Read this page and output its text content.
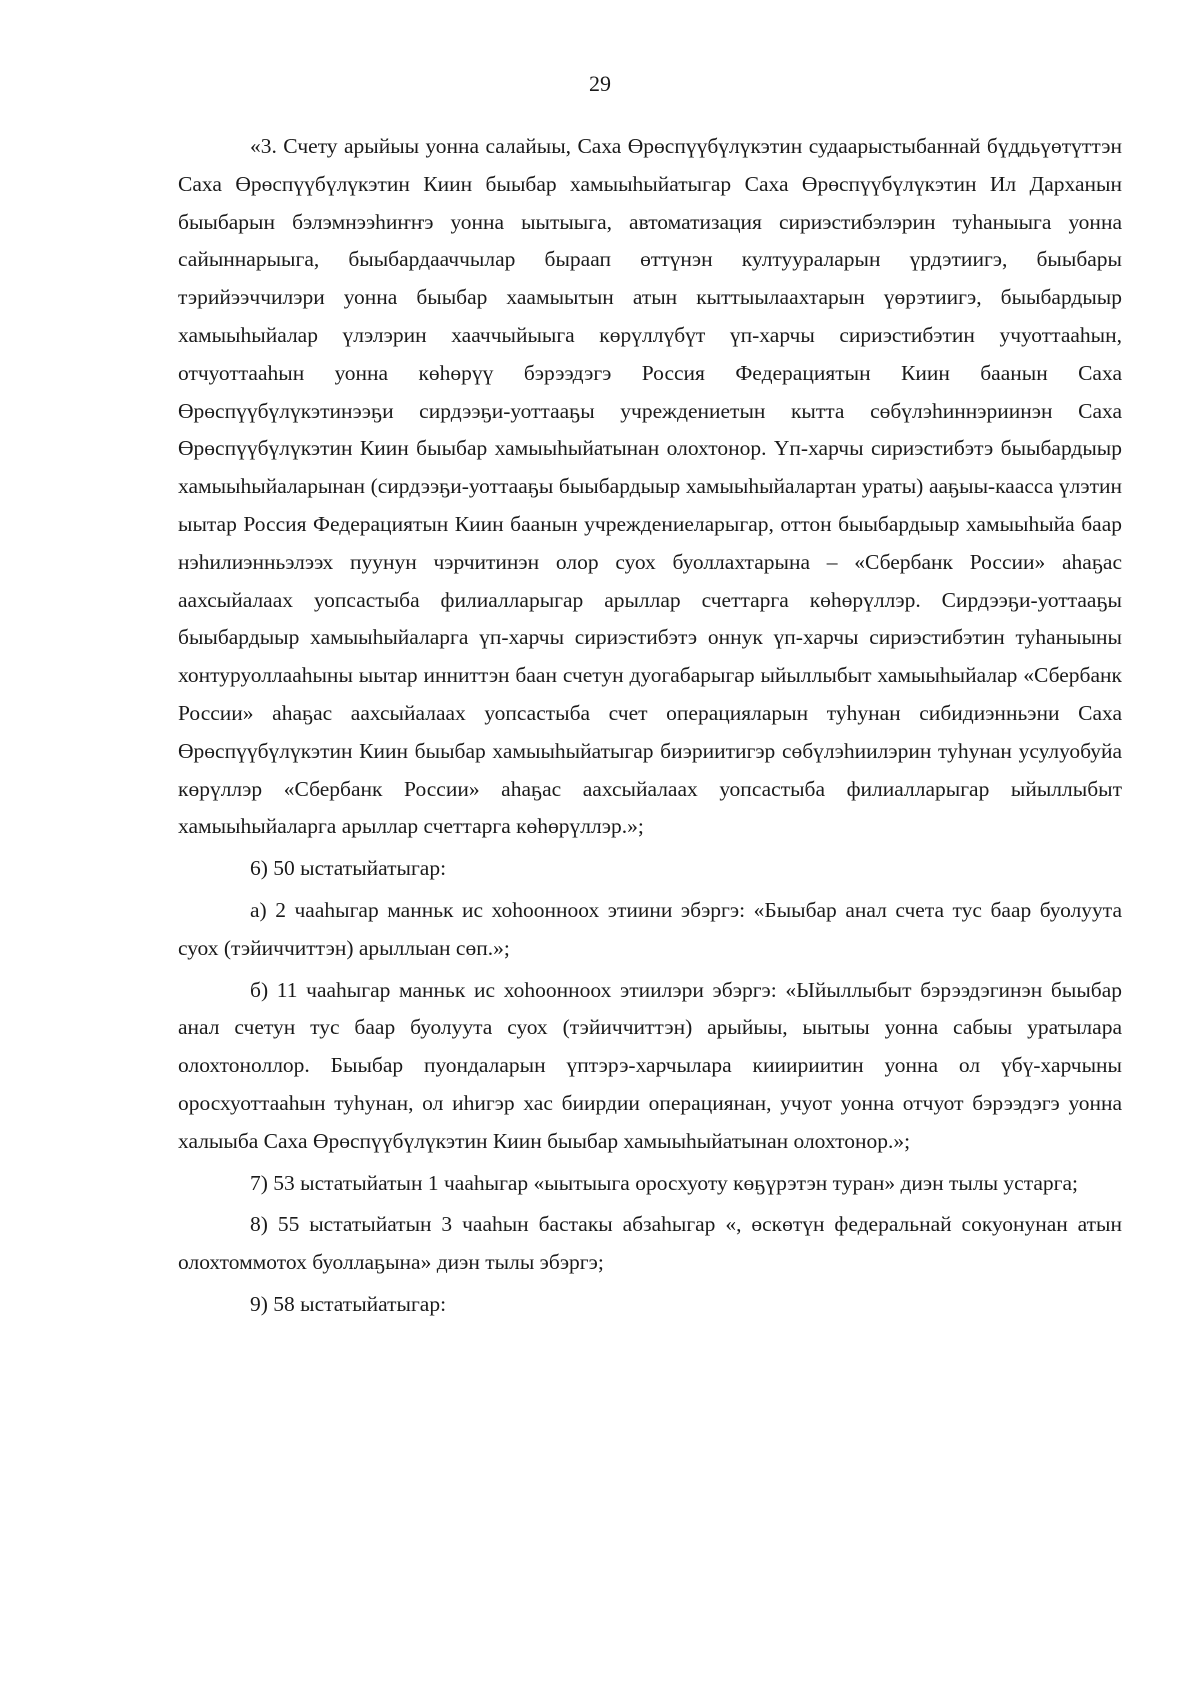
29

«3. Счету арыйыы уонна салайыы, Саха Өрөспүүбүлүкэтин судаарыстыбаннай бүддьүөтүттэн Саха Өрөспүүбүлүкэтин Киин быыбар хамыыһыйатыгар Саха Өрөспүүбүлүкэтин Ил Дарханын быыбарын бэлэмнээһиҥҥэ уонна ыытыыга, автоматизация сириэстибэлэрин туһаныыга уонна сайыннарыыга, быыбардааччылар быраап өттүнэн култуураларын үрдэтиигэ, быыбары тэрийээччилэри уонна быыбар хаамыытын атын кыттыылаахтарын үөрэтиигэ, быыбардыыр хамыыһыйалар үлэлэрин хааччыйыыга көрүллүбүт үп-харчы сириэстибэтин учуоттааһын, отчуоттааһын уонна көһөрүү бэрээдэгэ Россия Федерациятын Киин баанын Саха Өрөспүүбүлүкэтинээҕи сирдээҕи-уоттааҕы учреждениетын кытта сөбүлэһиннэриинэн Саха Өрөспүүбүлүкэтин Киин быыбар хамыыһыйатынан олохтонор. Үп-харчы сириэстибэтэ быыбардыыр хамыыһыйаларынан (сирдээҕи-уоттааҕы быыбардыыр хамыыһыйалартан ураты) ааҕыы-каасса үлэтин ыытар Россия Федерациятын Киин баанын учреждениеларыгар, оттон быыбардыыр хамыыһыйа баар нэһилиэнньэлээх пуунун чэрчитинэн олор суох буоллахтарына – «Сбербанк России» аһаҕас аахсыйалаах уопсастыба филиалларыгар арыллар счеттарга көһөрүллэр. Сирдээҕи-уоттааҕы быыбардыыр хамыыһыйаларга үп-харчы сириэстибэтэ оннук үп-харчы сириэстибэтин туһаныыны хонтуруоллааһыны ыытар инниттэн баан счетун дуогабарыгар ыйыллыбыт хамыыһыйалар «Сбербанк России» аһаҕас аахсыйалаах уопсастыба счет операцияларын туһунан сибидиэнньэни Саха Өрөспүүбүлүкэтин Киин быыбар хамыыһыйатыгар биэриитигэр сөбүлэһиилэрин туһунан усулуобуйа көрүллэр «Сбербанк России» аһаҕас аахсыйалаах уопсастыба филиалларыгар ыйыллыбыт хамыыһыйаларга арыллар счеттарга көһөрүллэр.»;

6) 50 ыстатыйатыгар:

а) 2 чааһыгар манньк ис хоһоонноох этиини эбэргэ: «Быыбар анал счета тус баар буолуута суох (тэйиччиттэн) арыллыан сөп.»;

б) 11 чааһыгар манньк ис хоһоонноох этиилэри эбэргэ: «Ыйыллыбыт бэрээдэгинэн быыбар анал счетун тус баар буолуута суох (тэйиччиттэн) арыйыы, ыытыы уонна сабыы уратылара олохтоноллор. Быыбар пуондаларын үптэрэ-харчылара кииириитин уонна ол үбү-харчыны оросхуоттааһын туһунан, ол иһигэр хас биирдии операциянан, учуот уонна отчуот бэрээдэгэ уонна халыыба Саха Өрөспүүбүлүкэтин Киин быыбар хамыыһыйатынан олохтонор.»;

7) 53 ыстатыйатын 1 чааһыгар «ыытыыга оросхуоту көҕүрэтэн туран» диэн тылы устарга;

8) 55 ыстатыйатын 3 чааһын бастакы абзаһыгар «, өскөтүн федеральнай сокуонунан атын олохтоммотох буоллаҕына» диэн тылы эбэргэ;

9) 58 ыстатыйатыгар:
